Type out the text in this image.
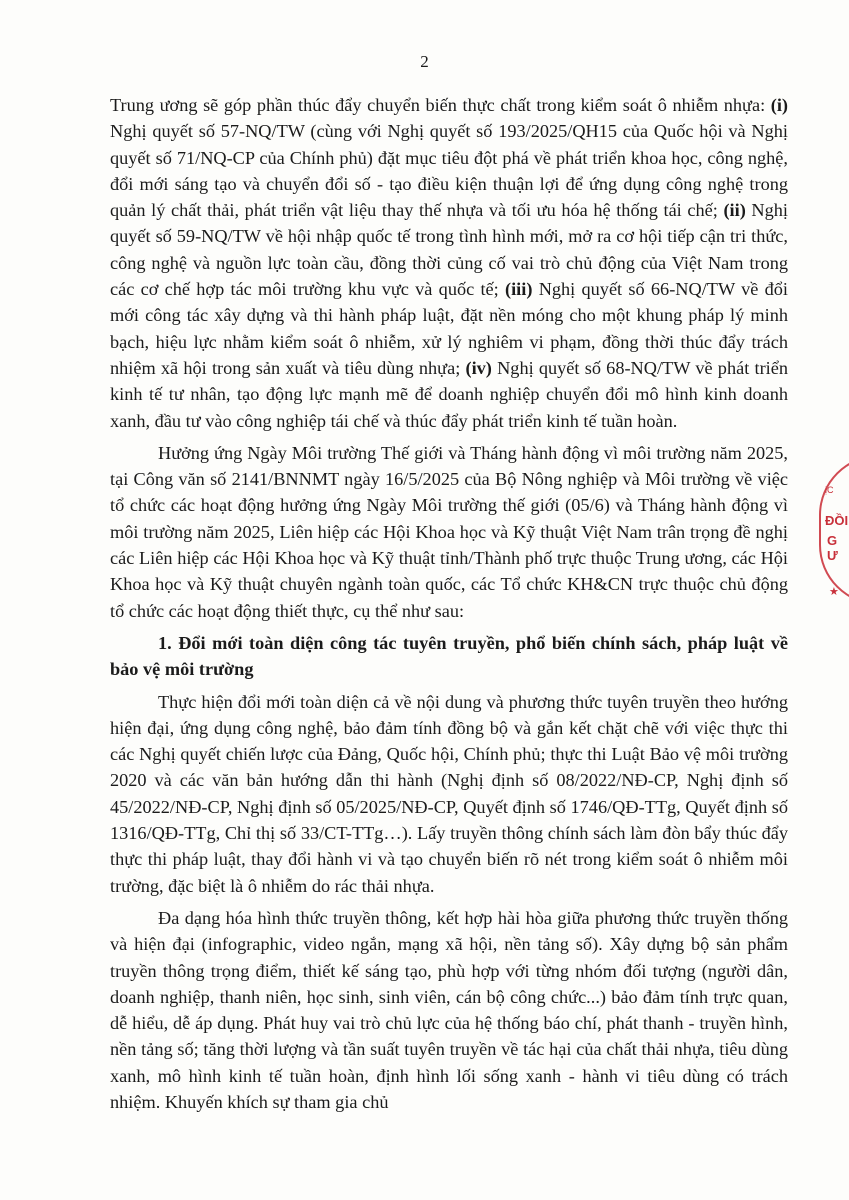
2

Trung ương sẽ góp phần thúc đẩy chuyển biến thực chất trong kiểm soát ô nhiễm nhựa: (i) Nghị quyết số 57-NQ/TW (cùng với Nghị quyết số 193/2025/QH15 của Quốc hội và Nghị quyết số 71/NQ-CP của Chính phủ) đặt mục tiêu đột phá về phát triển khoa học, công nghệ, đổi mới sáng tạo và chuyển đổi số - tạo điều kiện thuận lợi để ứng dụng công nghệ trong quản lý chất thải, phát triển vật liệu thay thế nhựa và tối ưu hóa hệ thống tái chế; (ii) Nghị quyết số 59-NQ/TW về hội nhập quốc tế trong tình hình mới, mở ra cơ hội tiếp cận tri thức, công nghệ và nguồn lực toàn cầu, đồng thời củng cố vai trò chủ động của Việt Nam trong các cơ chế hợp tác môi trường khu vực và quốc tế; (iii) Nghị quyết số 66-NQ/TW về đổi mới công tác xây dựng và thi hành pháp luật, đặt nền móng cho một khung pháp lý minh bạch, hiệu lực nhằm kiểm soát ô nhiễm, xử lý nghiêm vi phạm, đồng thời thúc đẩy trách nhiệm xã hội trong sản xuất và tiêu dùng nhựa; (iv) Nghị quyết số 68-NQ/TW về phát triển kinh tế tư nhân, tạo động lực mạnh mẽ để doanh nghiệp chuyển đổi mô hình kinh doanh xanh, đầu tư vào công nghiệp tái chế và thúc đẩy phát triển kinh tế tuần hoàn.

Hưởng ứng Ngày Môi trường Thế giới và Tháng hành động vì môi trường năm 2025, tại Công văn số 2141/BNNMT ngày 16/5/2025 của Bộ Nông nghiệp và Môi trường về việc tổ chức các hoạt động hưởng ứng Ngày Môi trường thế giới (05/6) và Tháng hành động vì môi trường năm 2025, Liên hiệp các Hội Khoa học và Kỹ thuật Việt Nam trân trọng đề nghị các Liên hiệp các Hội Khoa học và Kỹ thuật tỉnh/Thành phố trực thuộc Trung ương, các Hội Khoa học và Kỹ thuật chuyên ngành toàn quốc, các Tổ chức KH&CN trực thuộc chủ động tổ chức các hoạt động thiết thực, cụ thể như sau:

1. Đổi mới toàn diện công tác tuyên truyền, phổ biến chính sách, pháp luật về bảo vệ môi trường

Thực hiện đổi mới toàn diện cả về nội dung và phương thức tuyên truyền theo hướng hiện đại, ứng dụng công nghệ, bảo đảm tính đồng bộ và gắn kết chặt chẽ với việc thực thi các Nghị quyết chiến lược của Đảng, Quốc hội, Chính phủ; thực thi Luật Bảo vệ môi trường 2020 và các văn bản hướng dẫn thi hành (Nghị định số 08/2022/NĐ-CP, Nghị định số 45/2022/NĐ-CP, Nghị định số 05/2025/NĐ-CP, Quyết định số 1746/QĐ-TTg, Quyết định số 1316/QĐ-TTg, Chỉ thị số 33/CT-TTg…). Lấy truyền thông chính sách làm đòn bẩy thúc đẩy thực thi pháp luật, thay đổi hành vi và tạo chuyển biến rõ nét trong kiểm soát ô nhiễm môi trường, đặc biệt là ô nhiễm do rác thải nhựa.

Đa dạng hóa hình thức truyền thông, kết hợp hài hòa giữa phương thức truyền thống và hiện đại (infographic, video ngắn, mạng xã hội, nền tảng số). Xây dựng bộ sản phẩm truyền thông trọng điểm, thiết kế sáng tạo, phù hợp với từng nhóm đối tượng (người dân, doanh nghiệp, thanh niên, học sinh, sinh viên, cán bộ công chức...) bảo đảm tính trực quan, dễ hiểu, dễ áp dụng. Phát huy vai trò chủ lực của hệ thống báo chí, phát thanh - truyền hình, nền tảng số; tăng thời lượng và tần suất tuyên truyền về tác hại của chất thải nhựa, tiêu dùng xanh, mô hình kinh tế tuần hoàn, định hình lối sống xanh - hành vi tiêu dùng có trách nhiệm. Khuyến khích sự tham gia chủ

ịC
ĐỒI
G Ư
★
